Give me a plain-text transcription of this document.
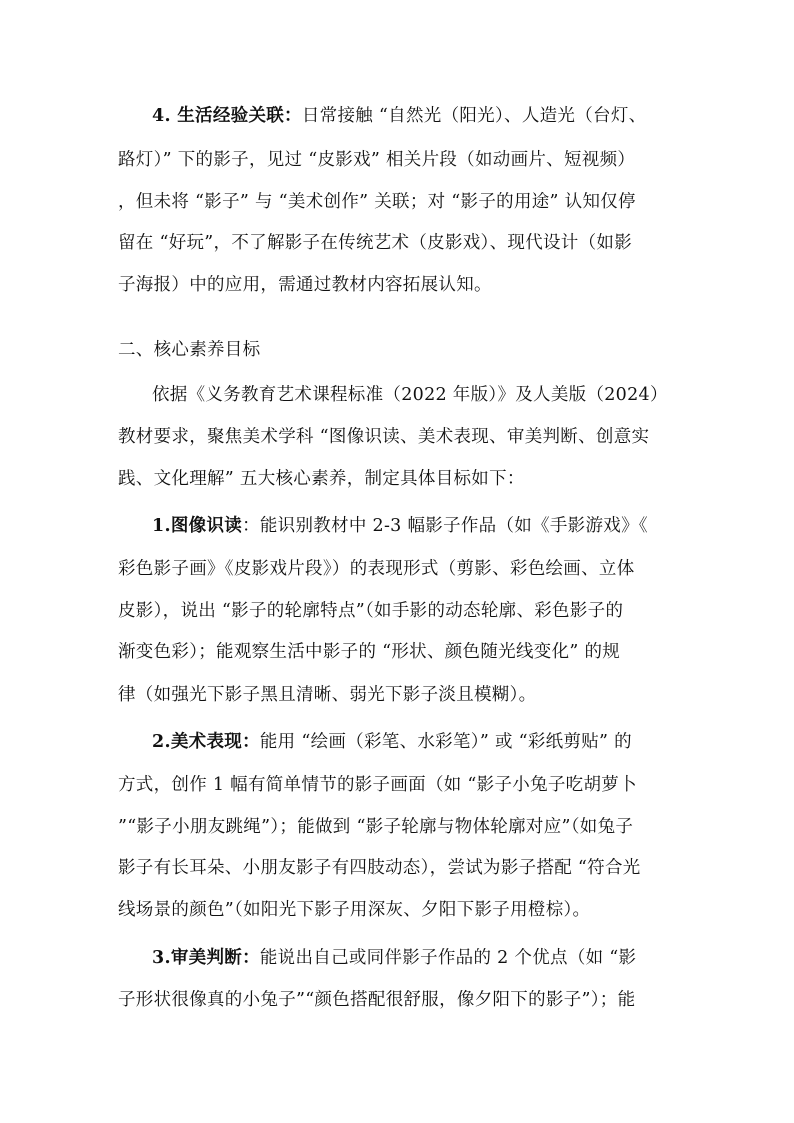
4. 生活经验关联：日常接触 “自然光（阳光）、人造光（台灯、
路灯）” 下的影子，见过 “皮影戏” 相关片段（如动画片、短视频）
，但未将 “影子” 与 “美术创作” 关联；对 “影子的用途” 认知仅停
留在 “好玩”，不了解影子在传统艺术（皮影戏）、现代设计（如影
子海报）中的应用，需通过教材内容拓展认知。
二、核心素养目标
依据《义务教育艺术课程标准（2022 年版）》及人美版（2024）
教材要求，聚焦美术学科 “图像识读、美术表现、审美判断、创意实
践、文化理解” 五大核心素养，制定具体目标如下：
1.图像识读：能识别教材中 2-3 幅影子作品（如《手影游戏》《
彩色影子画》《皮影戏片段》）的表现形式（剪影、彩色绘画、立体
皮影），说出 “影子的轮廓特点”（如手影的动态轮廓、彩色影子的
渐变色彩）；能观察生活中影子的 “形状、颜色随光线变化” 的规
律（如强光下影子黑且清晰、弱光下影子淡且模糊）。
2.美术表现：能用 “绘画（彩笔、水彩笔）” 或 “彩纸剪贴” 的
方式，创作 1 幅有简单情节的影子画面（如 “影子小兔子吃胡萝卜
”“影子小朋友跳绳”）；能做到 “影子轮廓与物体轮廓对应”（如兔子
影子有长耳朵、小朋友影子有四肢动态），尝试为影子搭配 “符合光
线场景的颜色”（如阳光下影子用深灰、夕阳下影子用橙棕）。
3.审美判断：能说出自己或同伴影子作品的 2 个优点（如 “影
子形状很像真的小兔子”“颜色搭配很舒服，像夕阳下的影子”）；能
